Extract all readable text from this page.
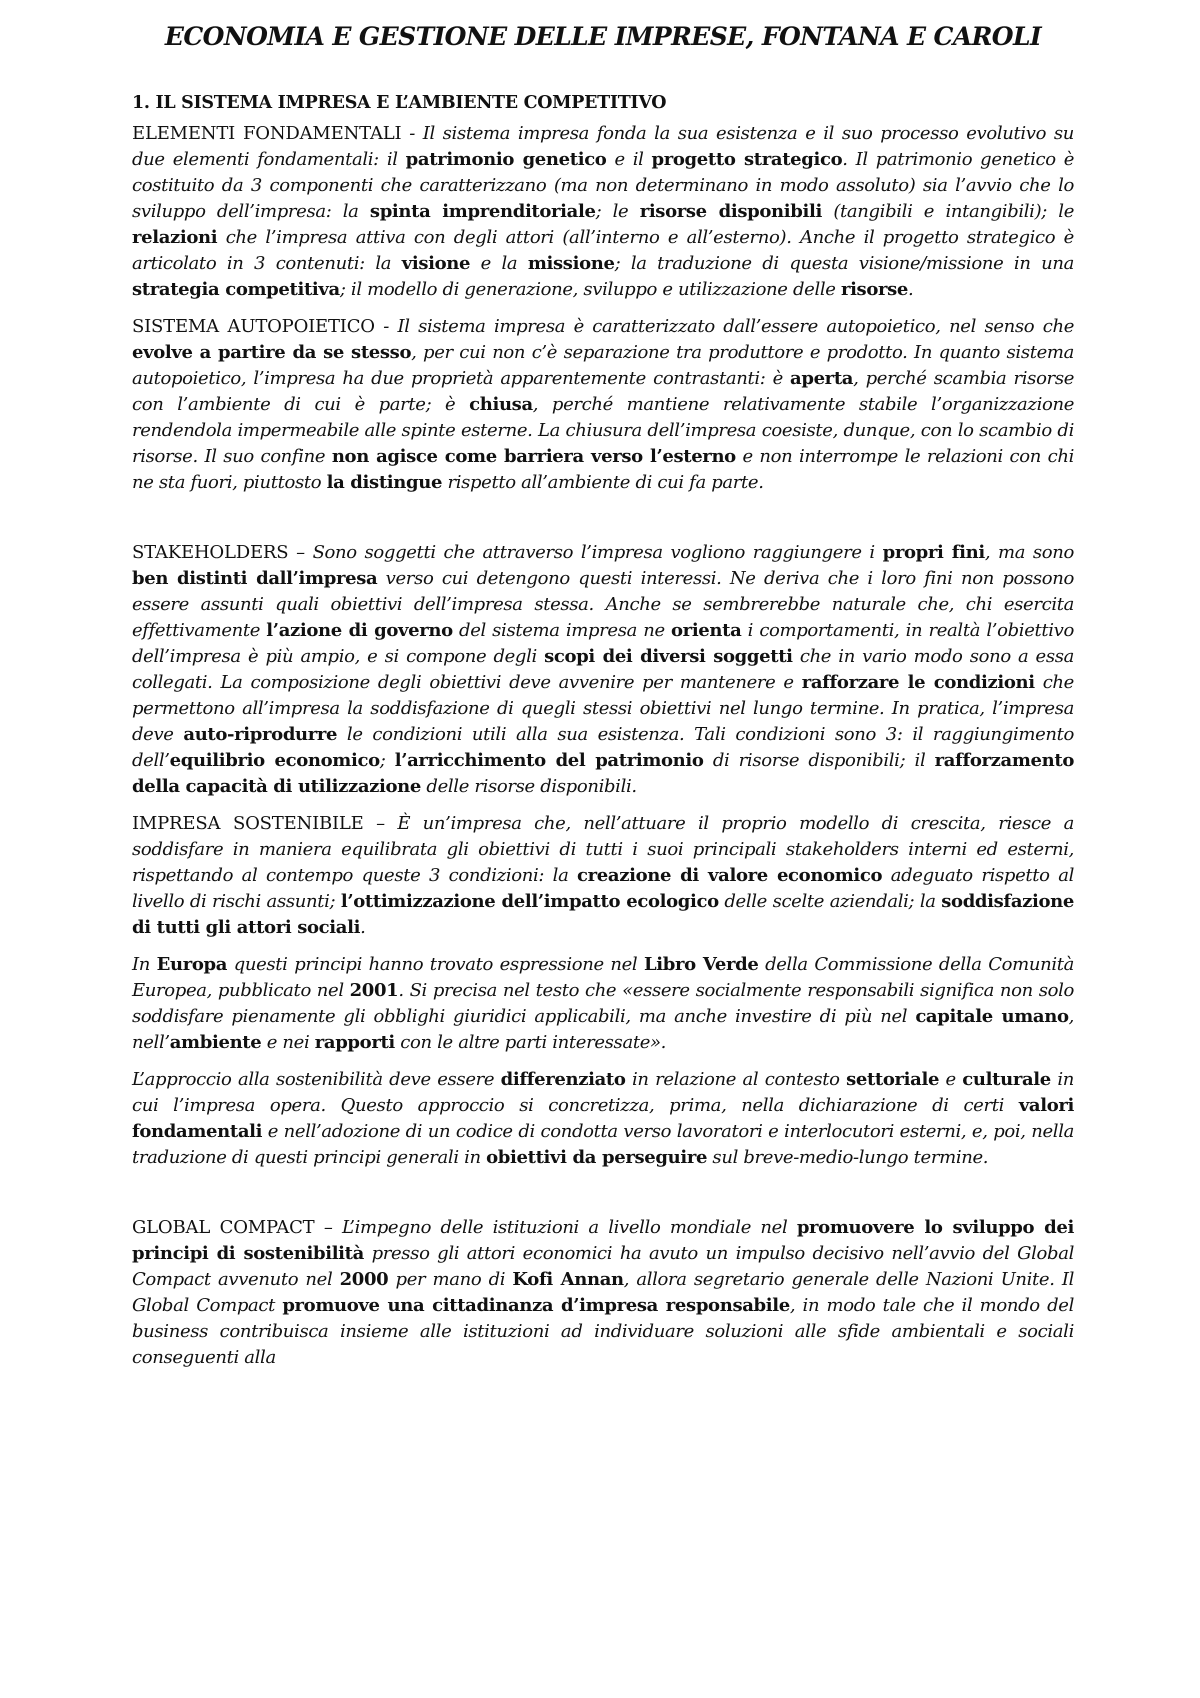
ECONOMIA E GESTIONE DELLE IMPRESE, FONTANA E CAROLI
1. IL SISTEMA IMPRESA E L’AMBIENTE COMPETITIVO

ELEMENTI FONDAMENTALI - Il sistema impresa fonda la sua esistenza e il suo processo evolutivo su due elementi fondamentali: il patrimonio genetico e il progetto strategico. Il patrimonio genetico è costituito da 3 componenti che caratterizzano (ma non determinano in modo assoluto) sia l’avvio che lo sviluppo dell’impresa: la spinta imprenditoriale; le risorse disponibili (tangibili e intangibili); le relazioni che l’impresa attiva con degli attori (all’interno e all’esterno). Anche il progetto strategico è articolato in 3 contenuti: la visione e la missione; la traduzione di questa visione/missione in una strategia competitiva; il modello di generazione, sviluppo e utilizzazione delle risorse.

SISTEMA AUTOPOIETICO - Il sistema impresa è caratterizzato dall’essere autopoietico, nel senso che evolve a partire da se stesso, per cui non c’è separazione tra produttore e prodotto. In quanto sistema autopoietico, l’impresa ha due proprietà apparentemente contrastanti: è aperta, perché scambia risorse con l’ambiente di cui è parte; è chiusa, perché mantiene relativamente stabile l’organizzazione rendendola impermeabile alle spinte esterne. La chiusura dell’impresa coesiste, dunque, con lo scambio di risorse. Il suo confine non agisce come barriera verso l’esterno e non interrompe le relazioni con chi ne sta fuori, piuttosto la distingue rispetto all’ambiente di cui fa parte.

STAKEHOLDERS – Sono soggetti che attraverso l’impresa vogliono raggiungere i propri fini, ma sono ben distinti dall’impresa verso cui detengono questi interessi. Ne deriva che i loro fini non possono essere assunti quali obiettivi dell’impresa stessa. Anche se sembrerebbe naturale che, chi esercita effettivamente l’azione di governo del sistema impresa ne orienta i comportamenti, in realtà l’obiettivo dell’impresa è più ampio, e si compone degli scopi dei diversi soggetti che in vario modo sono a essa collegati. La composizione degli obiettivi deve avvenire per mantenere e rafforzare le condizioni che permettono all’impresa la soddisfazione di quegli stessi obiettivi nel lungo termine. In pratica, l’impresa deve auto-riprodurre le condizioni utili alla sua esistenza. Tali condizioni sono 3: il raggiungimento dell’equilibrio economico; l’arricchimento del patrimonio di risorse disponibili; il rafforzamento della capacità di utilizzazione delle risorse disponibili.

IMPRESA SOSTENIBILE – È un’impresa che, nell’attuare il proprio modello di crescita, riesce a soddisfare in maniera equilibrata gli obiettivi di tutti i suoi principali stakeholders interni ed esterni, rispettando al contempo queste 3 condizioni: la creazione di valore economico adeguato rispetto al livello di rischi assunti; l’ottimizzazione dell’impatto ecologico delle scelte aziendali; la soddisfazione di tutti gli attori sociali.

In Europa questi principi hanno trovato espressione nel Libro Verde della Commissione della Comunità Europea, pubblicato nel 2001. Si precisa nel testo che «essere socialmente responsabili significa non solo soddisfare pienamente gli obblighi giuridici applicabili, ma anche investire di più nel capitale umano, nell’ambiente e nei rapporti con le altre parti interessate».

L’approccio alla sostenibilità deve essere differenziato in relazione al contesto settoriale e culturale in cui l’impresa opera. Questo approccio si concretizza, prima, nella dichiarazione di certi valori fondamentali e nell’adozione di un codice di condotta verso lavoratori e interlocutori esterni, e, poi, nella traduzione di questi principi generali in obiettivi da perseguire sul breve-medio-lungo termine.

GLOBAL COMPACT – L’impegno delle istituzioni a livello mondiale nel promuovere lo sviluppo dei principi di sostenibilità presso gli attori economici ha avuto un impulso decisivo nell’avvio del Global Compact avvenuto nel 2000 per mano di Kofi Annan, allora segretario generale delle Nazioni Unite. Il Global Compact promuove una cittadinanza d’impresa responsabile, in modo tale che il mondo del business contribuisca insieme alle istituzioni ad individuare soluzioni alle sfide ambientali e sociali conseguenti alla
